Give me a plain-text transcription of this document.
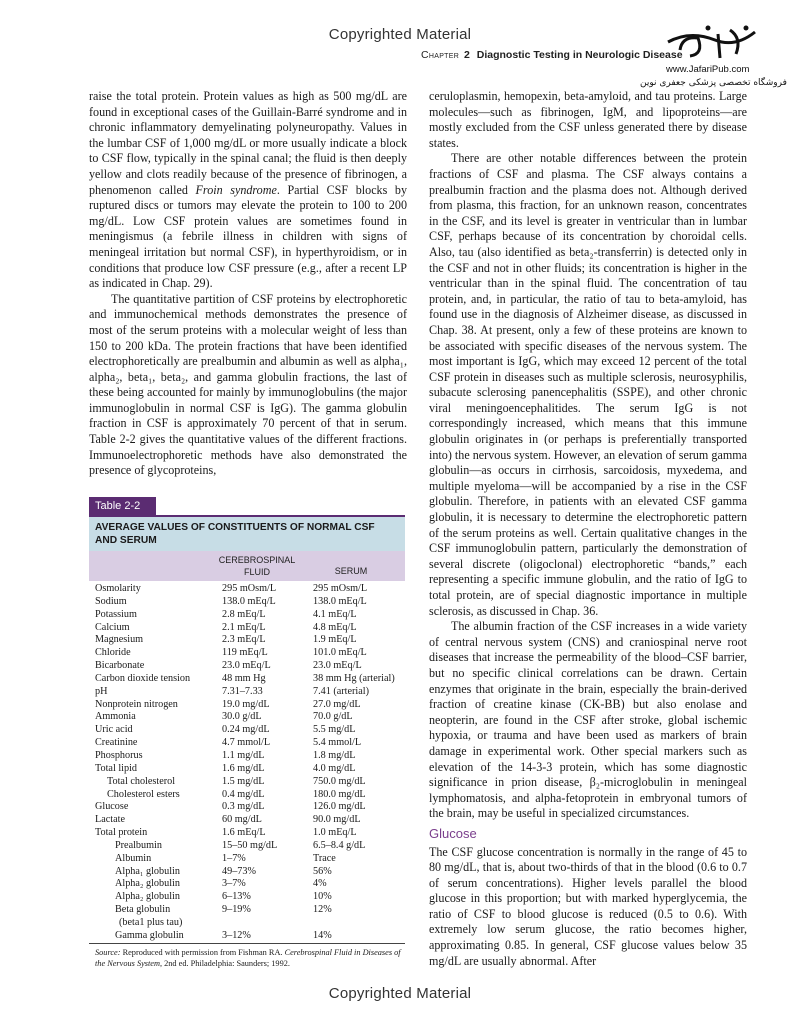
Copyrighted Material
Chapter 2 Diagnostic Testing in Neurologic Disease
www.JafariPub.com
فروشگاه تخصصی پزشکی جعفری نوین

raise the total protein. Protein values as high as 500 mg/dL are found in exceptional cases of the Guillain-Barré syndrome and in chronic inflammatory demyelinating polyneuropathy. Values in the lumbar CSF of 1,000 mg/dL or more usually indicate a block to CSF flow, typically in the spinal canal; the fluid is then deeply yellow and clots readily because of the presence of fibrinogen, a phenomenon called Froin syndrome. Partial CSF blocks by ruptured discs or tumors may elevate the protein to 100 to 200 mg/dL. Low CSF protein values are sometimes found in meningismus (a febrile illness in children with signs of meningeal irritation but normal CSF), in hyperthyroidism, or in conditions that produce low CSF pressure (e.g., after a recent LP as indicated in Chap. 29).

The quantitative partition of CSF proteins by electrophoretic and immunochemical methods demonstrates the presence of most of the serum proteins with a molecular weight of less than 150 to 200 kDa. The protein fractions that have been identified electrophoretically are prealbumin and albumin as well as alpha₁, alpha₂, beta₁, beta₂, and gamma globulin fractions, the last of these being accounted for mainly by immunoglobulins (the major immunoglobulin in normal CSF is IgG). The gamma globulin fraction in CSF is approximately 70 percent of that in serum. Table 2-2 gives the quantitative values of the different fractions. Immunoelectrophoretic methods have also demonstrated the presence of glycoproteins,

Table 2-2
AVERAGE VALUES OF CONSTITUENTS OF NORMAL CSF AND SERUM
CEREBROSPINAL FLUID	SERUM
Osmolarity	295 mOsm/L	295 mOsm/L
Sodium	138.0 mEq/L	138.0 mEq/L
Potassium	2.8 mEq/L	4.1 mEq/L
Calcium	2.1 mEq/L	4.8 mEq/L
Magnesium	2.3 mEq/L	1.9 mEq/L
Chloride	119 mEq/L	101.0 mEq/L
Bicarbonate	23.0 mEq/L	23.0 mEq/L
Carbon dioxide tension	48 mm Hg	38 mm Hg (arterial)
pH	7.31–7.33	7.41 (arterial)
Nonprotein nitrogen	19.0 mg/dL	27.0 mg/dL
Ammonia	30.0 g/dL	70.0 g/dL
Uric acid	0.24 mg/dL	5.5 mg/dL
Creatinine	4.7 mmol/L	5.4 mmol/L
Phosphorus	1.1 mg/dL	1.8 mg/dL
Total lipid	1.6 mg/dL	4.0 mg/dL
Total cholesterol	1.5 mg/dL	750.0 mg/dL
Cholesterol esters	0.4 mg/dL	180.0 mg/dL
Glucose	0.3 mg/dL	126.0 mg/dL
Lactate	60 mg/dL	90.0 mg/dL
Total protein	1.6 mEq/L	1.0 mEq/L
Prealbumin	15–50 mg/dL	6.5–8.4 g/dL
Albumin	1–7%	Trace
Alpha₁ globulin	49–73%	56%
Alpha₂ globulin	3–7%	4%
Alpha₂ globulin	6–13%	10%
Beta globulin	9–19%	12%
(beta1 plus tau)
Gamma globulin	3–12%	14%
Source: Reproduced with permission from Fishman RA. Cerebrospinal Fluid in Diseases of the Nervous System, 2nd ed. Philadelphia: Saunders; 1992.

ceruloplasmin, hemopexin, beta-amyloid, and tau proteins. Large molecules—such as fibrinogen, IgM, and lipoproteins—are mostly excluded from the CSF unless generated there by disease states.

There are other notable differences between the protein fractions of CSF and plasma. The CSF always contains a prealbumin fraction and the plasma does not. Although derived from plasma, this fraction, for an unknown reason, concentrates in the CSF, and its level is greater in ventricular than in lumbar CSF, perhaps because of its concentration by choroidal cells. Also, tau (also identified as beta₂-transferrin) is detected only in the CSF and not in other fluids; its concentration is higher in the ventricular than in the spinal fluid. The concentration of tau protein, and, in particular, the ratio of tau to beta-amyloid, has found use in the diagnosis of Alzheimer disease, as discussed in Chap. 38. At present, only a few of these proteins are known to be associated with specific diseases of the nervous system. The most important is IgG, which may exceed 12 percent of the total CSF protein in diseases such as multiple sclerosis, neurosyphilis, subacute sclerosing panencephalitis (SSPE), and other chronic viral meningoencephalitides. The serum IgG is not correspondingly increased, which means that this immune globulin originates in (or perhaps is preferentially transported into) the nervous system. However, an elevation of serum gamma globulin—as occurs in cirrhosis, sarcoidosis, myxedema, and multiple myeloma—will be accompanied by a rise in the CSF globulin. Therefore, in patients with an elevated CSF gamma globulin, it is necessary to determine the electrophoretic pattern of the serum proteins as well. Certain qualitative changes in the CSF immunoglobulin pattern, particularly the demonstration of several discrete (oligoclonal) electrophoretic “bands,” each representing a specific immune globulin, and the ratio of IgG to total protein, are of special diagnostic importance in multiple sclerosis, as discussed in Chap. 36.

The albumin fraction of the CSF increases in a wide variety of central nervous system (CNS) and craniospinal nerve root diseases that increase the permeability of the blood–CSF barrier, but no specific clinical correlations can be drawn. Certain enzymes that originate in the brain, especially the brain-derived fraction of creatine kinase (CK-BB) but also enolase and neopterin, are found in the CSF after stroke, global ischemic hypoxia, or trauma and have been used as markers of brain damage in experimental work. Other special markers such as elevation of the 14-3-3 protein, which has some diagnostic significance in prion disease, β₂-microglobulin in meningeal lymphomatosis, and alpha-fetoprotein in embryonal tumors of the brain, may be useful in specialized circumstances.

Glucose

The CSF glucose concentration is normally in the range of 45 to 80 mg/dL, that is, about two-thirds of that in the blood (0.6 to 0.7 of serum concentrations). Higher levels parallel the blood glucose in this proportion; but with marked hyperglycemia, the ratio of CSF to blood glucose is reduced (0.5 to 0.6). With extremely low serum glucose, the ratio becomes higher, approximating 0.85. In general, CSF glucose values below 35 mg/dL are usually abnormal. After

Copyrighted Material
